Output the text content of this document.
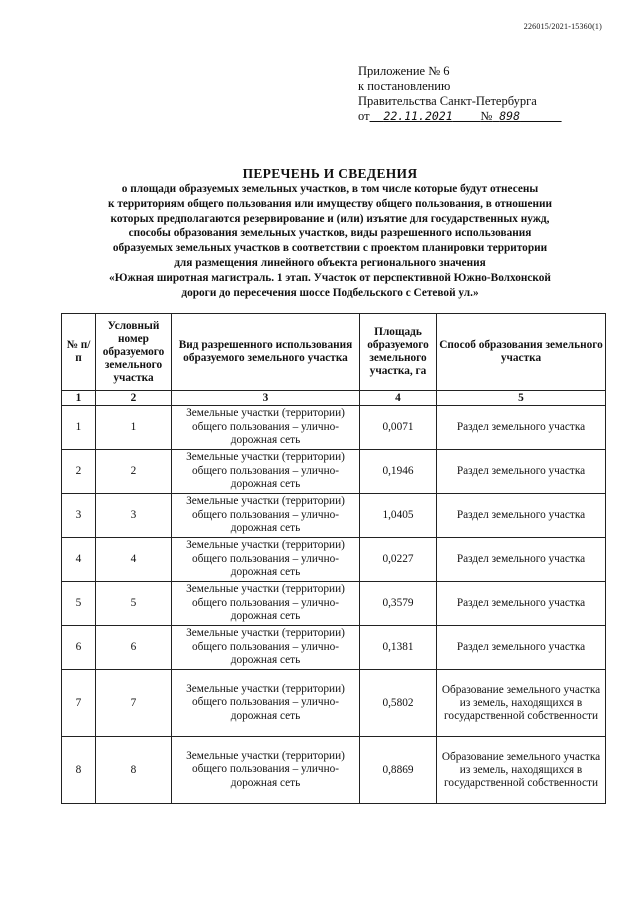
226015/2021-15360(1)
Приложение № 6
к постановлению
Правительства Санкт-Петербурга
от 22.11.2021 № 898
ПЕРЕЧЕНЬ И СВЕДЕНИЯ
о площади образуемых земельных участков, в том числе которые будут отнесены
к территориям общего пользования или имуществу общего пользования, в отношении
которых предполагаются резервирование и (или) изъятие для государственных нужд,
способы образования земельных участков, виды разрешенного использования
образуемых земельных участков в соответствии с проектом планировки территории
для размещения линейного объекта регионального значения
«Южная широтная магистраль. 1 этап. Участок от перспективной Южно-Волхонской
дороги до пересечения шоссе Подбельского с Сетевой ул.»
№ п/п	Условный номер образуемого земельного участка	Вид разрешенного использования образуемого земельного участка	Площадь образуемого земельного участка, га	Способ образования земельного участка
1	2	3	4	5
1	1	Земельные участки (территории) общего пользования – улично-дорожная сеть	0,0071	Раздел земельного участка
2	2	Земельные участки (территории) общего пользования – улично-дорожная сеть	0,1946	Раздел земельного участка
3	3	Земельные участки (территории) общего пользования – улично-дорожная сеть	1,0405	Раздел земельного участка
4	4	Земельные участки (территории) общего пользования – улично-дорожная сеть	0,0227	Раздел земельного участка
5	5	Земельные участки (территории) общего пользования – улично-дорожная сеть	0,3579	Раздел земельного участка
6	6	Земельные участки (территории) общего пользования – улично-дорожная сеть	0,1381	Раздел земельного участка
7	7	Земельные участки (территории) общего пользования – улично-дорожная сеть	0,5802	Образование земельного участка из земель, находящихся в государственной собственности
8	8	Земельные участки (территории) общего пользования – улично-дорожная сеть	0,8869	Образование земельного участка из земель, находящихся в государственной собственности
